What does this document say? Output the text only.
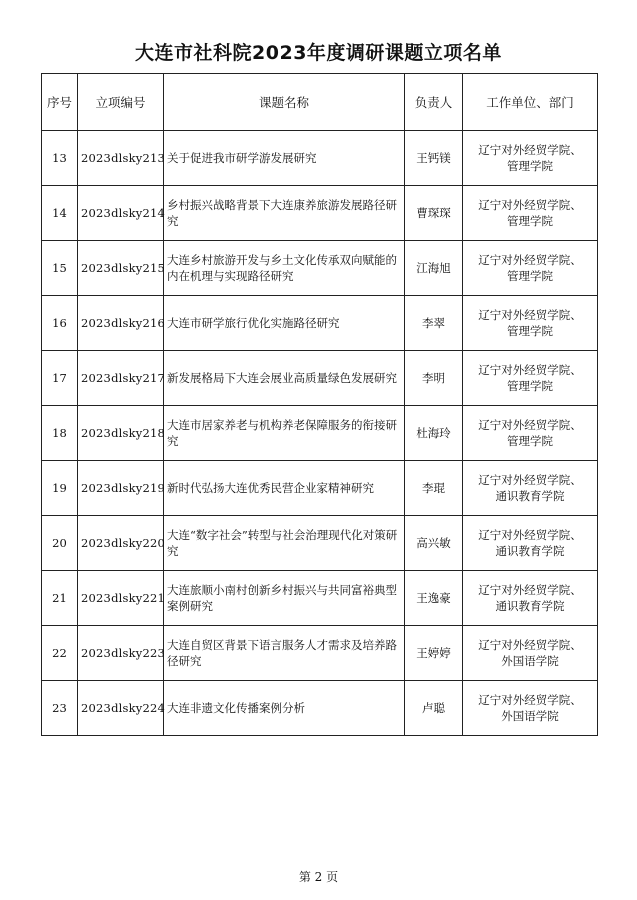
大连市社科院2023年度调研课题立项名单
序号	立项编号	课题名称	负责人	工作单位、部门
13	2023dlsky213	关于促进我市研学游发展研究	王钙镁	辽宁对外经贸学院、
管理学院
14	2023dlsky214	乡村振兴战略背景下大连康养旅游发展路径研究	曹琛琛	辽宁对外经贸学院、
管理学院
15	2023dlsky215	大连乡村旅游开发与乡土文化传承双向赋能的内在机理与实现路径研究	江海旭	辽宁对外经贸学院、
管理学院
16	2023dlsky216	大连市研学旅行优化实施路径研究	李翠	辽宁对外经贸学院、
管理学院
17	2023dlsky217	新发展格局下大连会展业高质量绿色发展研究	李明	辽宁对外经贸学院、
管理学院
18	2023dlsky218	大连市居家养老与机构养老保障服务的衔接研究	杜海玲	辽宁对外经贸学院、
管理学院
19	2023dlsky219	新时代弘扬大连优秀民营企业家精神研究	李琨	辽宁对外经贸学院、
通识教育学院
20	2023dlsky220	大连“数字社会”转型与社会治理现代化对策研究	高兴敏	辽宁对外经贸学院、
通识教育学院
21	2023dlsky221	大连旅顺小南村创新乡村振兴与共同富裕典型案例研究	王逸豪	辽宁对外经贸学院、
通识教育学院
22	2023dlsky223	大连自贸区背景下语言服务人才需求及培养路径研究	王婷婷	辽宁对外经贸学院、
外国语学院
23	2023dlsky224	大连非遗文化传播案例分析	卢聪	辽宁对外经贸学院、
外国语学院
第 2 页
